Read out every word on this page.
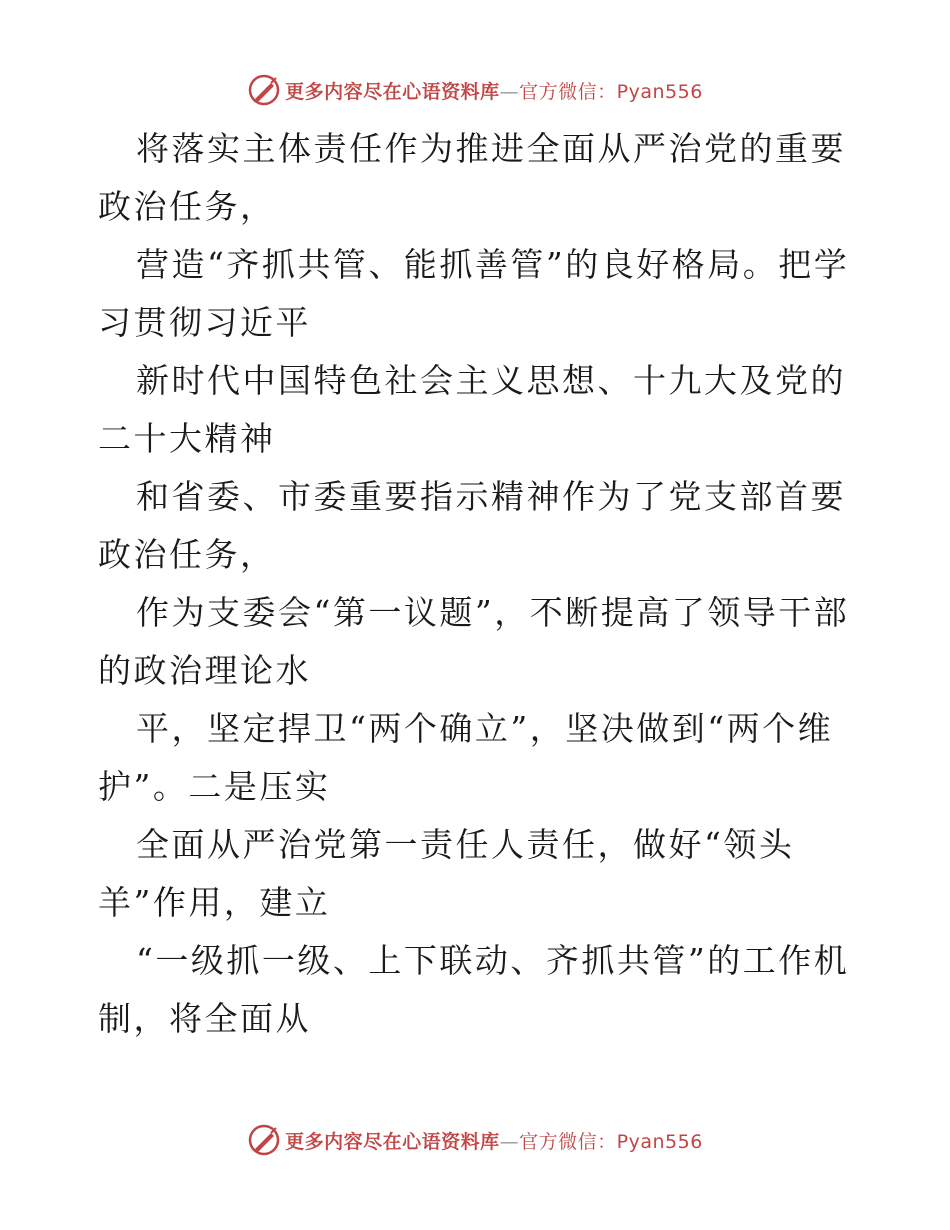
更多内容尽在心语资料库—官方微信：Pyan556

将落实主体责任作为推进全面从严治党的重要政治任务，

营造“齐抓共管、能抓善管”的良好格局。把学习贯彻习近平

新时代中国特色社会主义思想、十九大及党的二十大精神

和省委、市委重要指示精神作为了党支部首要政治任务，

作为支委会“第一议题”，不断提高了领导干部的政治理论水

平，坚定捍卫“两个确立”，坚决做到“两个维护”。二是压实

全面从严治党第一责任人责任，做好“领头羊”作用，建立

“一级抓一级、上下联动、齐抓共管”的工作机制，将全面从

更多内容尽在心语资料库—官方微信：Pyan556
